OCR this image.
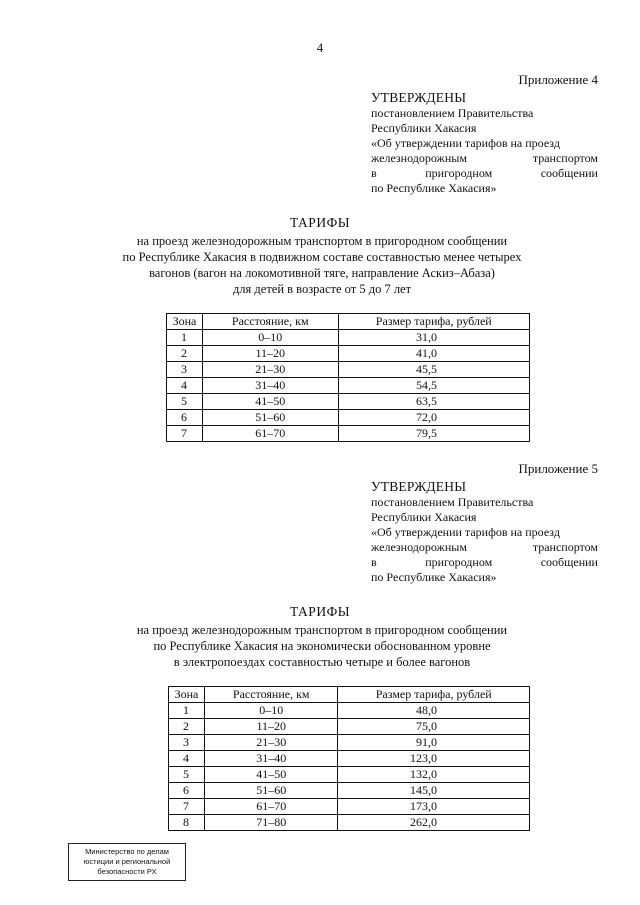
4
Приложение 4
УТВЕРЖДЕНЫ
постановлением Правительства
Республики Хакасия
«Об утверждении тарифов на проезд
железнодорожным	транспортом
в	пригородном	сообщении
по Республике Хакасия»
ТАРИФЫ
на проезд железнодорожным транспортом в пригородном сообщении
по Республике Хакасия в подвижном составе составностью менее четырех
вагонов (вагон на локомотивной тяге, направление Аскиз–Абаза)
для детей в возрасте от 5 до 7 лет
Зона	Расстояние, км	Размер тарифа, рублей
1	0–10	31,0
2	11–20	41,0
3	21–30	45,5
4	31–40	54,5
5	41–50	63,5
6	51–60	72,0
7	61–70	79,5
Приложение 5
УТВЕРЖДЕНЫ
постановлением Правительства
Республики Хакасия
«Об утверждении тарифов на проезд
железнодорожным	транспортом
в	пригородном	сообщении
по Республике Хакасия»
ТАРИФЫ
на проезд железнодорожным транспортом в пригородном сообщении
по Республике Хакасия на экономически обоснованном уровне
в электропоездах составностью четыре и более вагонов
Зона	Расстояние, км	Размер тарифа, рублей
1	0–10	48,0
2	11–20	75,0
3	21–30	91,0
4	31–40	123,0
5	41–50	132,0
6	51–60	145,0
7	61–70	173,0
8	71–80	262,0
Министерство по делам
юстиции и региональной
безопасности РХ
